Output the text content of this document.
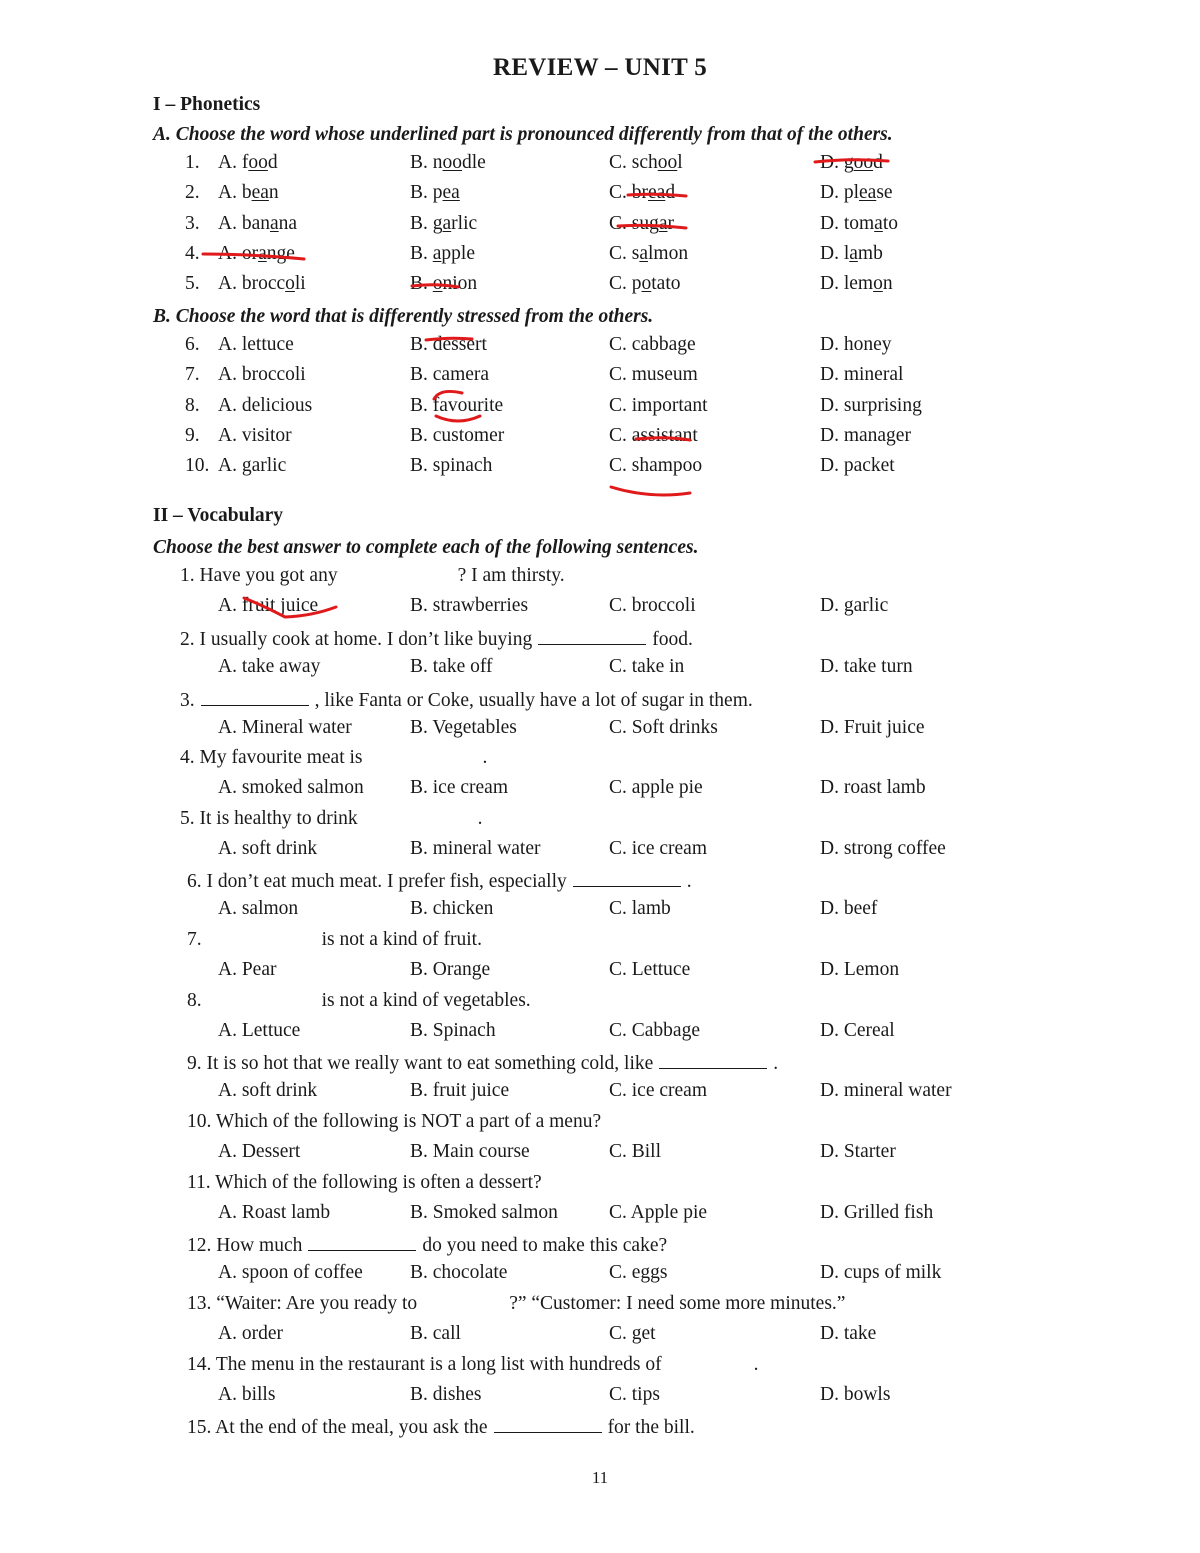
REVIEW – UNIT 5
I – Phonetics
A. Choose the word whose underlined part is pronounced differently from that of the others.
1. A. food	B. noodle	C. school	D. good
2. A. bean	B. pea	C. bread	D. please
3. A. banana	B. garlic	C. sugar	D. tomato
4. A. orange	B. apple	C. salmon	D. lamb
5. A. broccoli	B. onion	C. potato	D. lemon
B. Choose the word that is differently stressed from the others.
6. A. lettuce	B. dessert	C. cabbage	D. honey
7. A. broccoli	B. camera	C. museum	D. mineral
8. A. delicious	B. favourite	C. important	D. surprising
9. A. visitor	B. customer	C. assistant	D. manager
10. A. garlic	B. spinach	C. shampoo	D. packet
II – Vocabulary
Choose the best answer to complete each of the following sentences.
1. Have you got any	? I am thirsty.
A. fruit juice	B. strawberries	C. broccoli	D. garlic
2. I usually cook at home. I don’t like buying	food.
A. take away	B. take off	C. take in	D. take turn
3.	, like Fanta or Coke, usually have a lot of sugar in them.
A. Mineral water	B. Vegetables	C. Soft drinks	D. Fruit juice
4. My favourite meat is	.
A. smoked salmon B. ice cream	C. apple pie	D. roast lamb
5. It is healthy to drink	.
A. soft drink	B. mineral water	C. ice cream	D. strong coffee
6. I don’t eat much meat. I prefer fish, especially	.
A. salmon	B. chicken	C. lamb	D. beef
7.	is not a kind of fruit.
A. Pear	B. Orange	C. Lettuce	D. Lemon
8.	is not a kind of vegetables.
A. Lettuce	B. Spinach	C. Cabbage	D. Cereal
9. It is so hot that we really want to eat something cold, like	.
A. soft drink	B. fruit juice	C. ice cream	D. mineral water
10. Which of the following is NOT a part of a menu?
A. Dessert	B. Main course	C. Bill	D. Starter
11. Which of the following is often a dessert?
A. Roast lamb	B. Smoked salmon	C. Apple pie	D. Grilled fish
12. How much	do you need to make this cake?
A. spoon of coffee B. chocolate	C. eggs	D. cups of milk
13. “Waiter: Are you ready to	?” “Customer: I need some more minutes.”
A. order	B. call	C. get	D. take
14. The menu in the restaurant is a long list with hundreds of	.
A. bills	B. dishes	C. tips	D. bowls
15. At the end of the meal, you ask the	for the bill.
11
